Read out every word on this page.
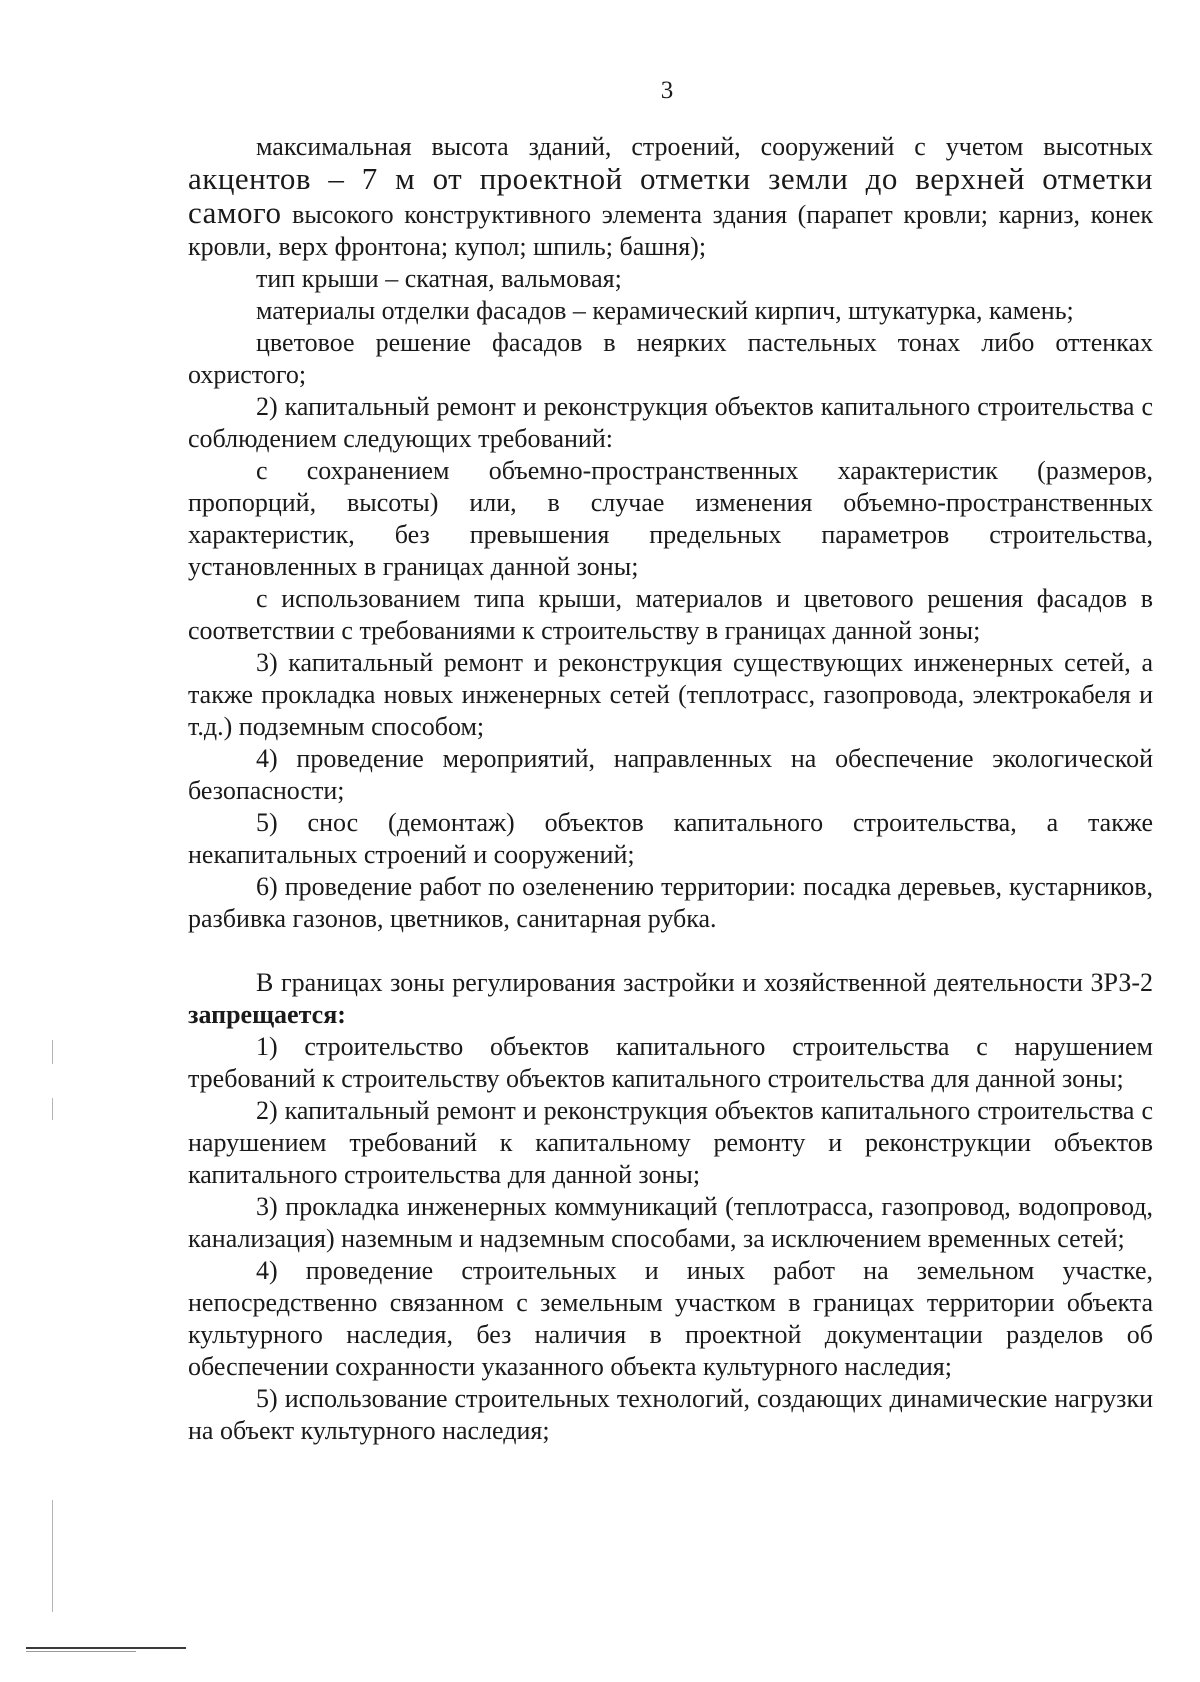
3

максимальная высота зданий, строений, сооружений с учетом высотных акцентов – 7 м от проектной отметки земли до верхней отметки самого высокого конструктивного элемента здания (парапет кровли; карниз, конек кровли, верх фронтона; купол; шпиль; башня);

тип крыши – скатная, вальмовая;

материалы отделки фасадов – керамический кирпич, штукатурка, камень;

цветовое решение фасадов в неярких пастельных тонах либо оттенках охристого;

2) капитальный ремонт и реконструкция объектов капитального строительства с соблюдением следующих требований:

с сохранением объемно-пространственных характеристик (размеров, пропорций, высоты) или, в случае изменения объемно-пространственных характеристик, без превышения предельных параметров строительства, установленных в границах данной зоны;

с использованием типа крыши, материалов и цветового решения фасадов в соответствии с требованиями к строительству в границах данной зоны;

3) капитальный ремонт и реконструкция существующих инженерных сетей, а также прокладка новых инженерных сетей (теплотрасс, газопровода, электрокабеля и т.д.) подземным способом;

4) проведение мероприятий, направленных на обеспечение экологической безопасности;

5) снос (демонтаж) объектов капитального строительства, а также некапитальных строений и сооружений;

6) проведение работ по озеленению территории: посадка деревьев, кустарников, разбивка газонов, цветников, санитарная рубка.

В границах зоны регулирования застройки и хозяйственной деятельности ЗРЗ-2 запрещается:

1) строительство объектов капитального строительства с нарушением требований к строительству объектов капитального строительства для данной зоны;

2) капитальный ремонт и реконструкция объектов капитального строительства с нарушением требований к капитальному ремонту и реконструкции объектов капитального строительства для данной зоны;

3) прокладка инженерных коммуникаций (теплотрасса, газопровод, водопровод, канализация) наземным и надземным способами, за исключением временных сетей;

4) проведение строительных и иных работ на земельном участке, непосредственно связанном с земельным участком в границах территории объекта культурного наследия, без наличия в проектной документации разделов об обеспечении сохранности указанного объекта культурного наследия;

5) использование строительных технологий, создающих динамические нагрузки на объект культурного наследия;
